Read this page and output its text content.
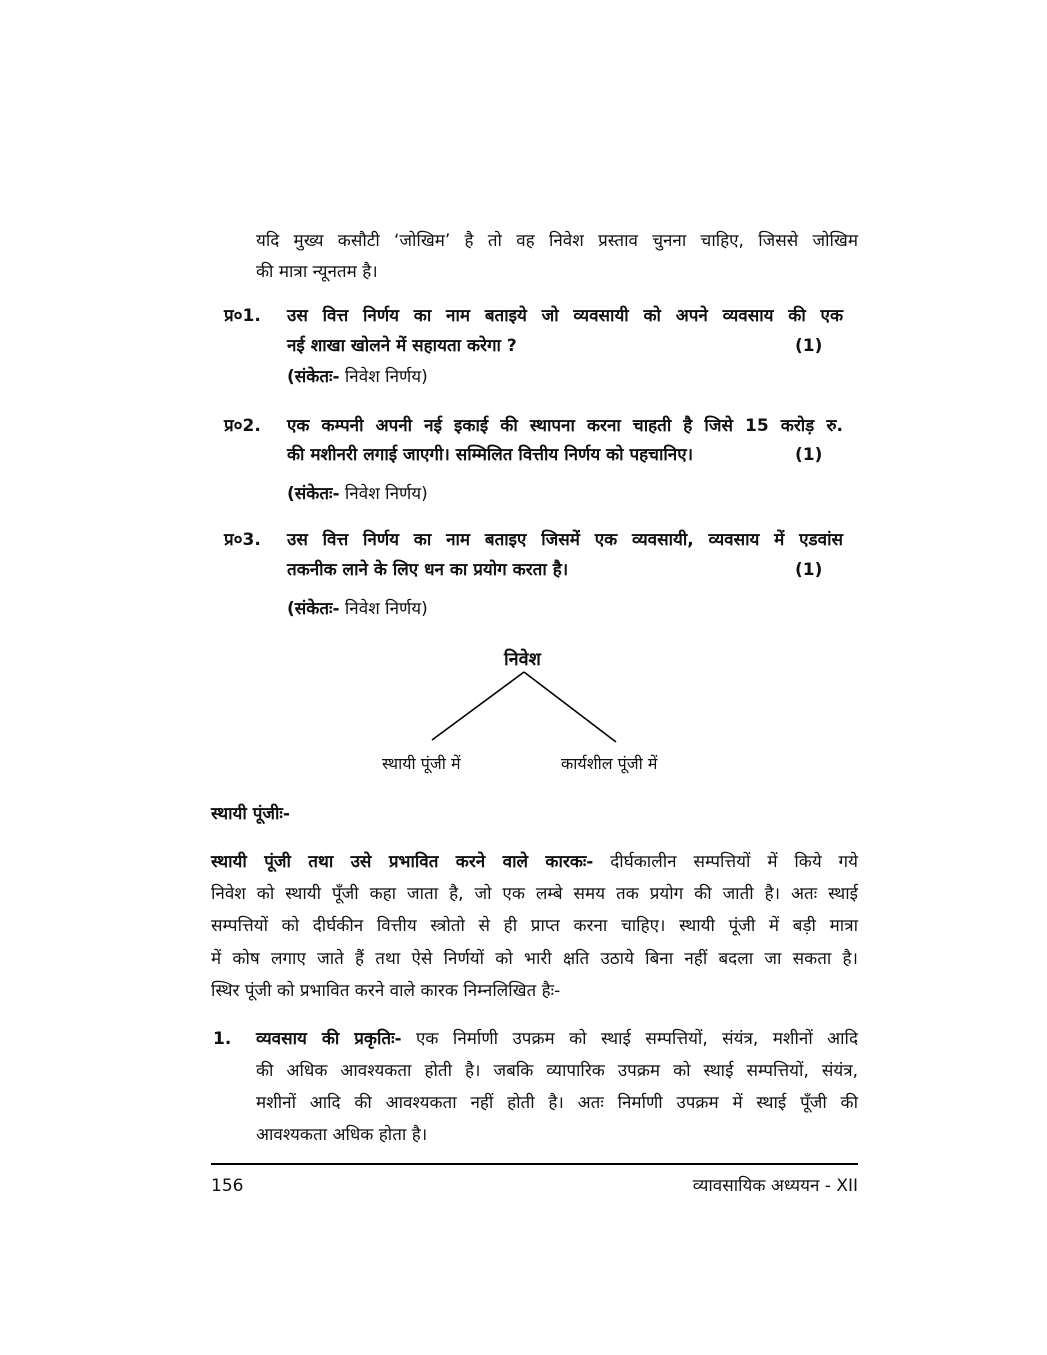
यदि मुख्य कसौटी ‘जोखिम’ है तो वह निवेश प्रस्ताव चुनना चाहिए, जिससे जोखिम
की मात्रा न्यूनतम है।
प्र०1. उस वित्त निर्णय का नाम बताइये जो व्यवसायी को अपने व्यवसाय की एक
नई शाखा खोलने में सहायता करेगा ?	(1)
(संकेतः- निवेश निर्णय)
प्र०2. एक कम्पनी अपनी नई इकाई की स्थापना करना चाहती है जिसे 15 करोड़ रु.
की मशीनरी लगाई जाएगी। सम्मिलित वित्तीय निर्णय को पहचानिए।	(1)
(संकेतः- निवेश निर्णय)
प्र०3. उस वित्त निर्णय का नाम बताइए जिसमें एक व्यवसायी, व्यवसाय में एडवांस
तकनीक लाने के लिए धन का प्रयोग करता है।	(1)
(संकेतः- निवेश निर्णय)
निवेश
स्थायी पूंजी में	कार्यशील पूंजी में
स्थायी पूंजीः-
स्थायी पूंजी तथा उसे प्रभावित करने वाले कारकः- दीर्घकालीन सम्पत्तियों में किये गये
निवेश को स्थायी पूँजी कहा जाता है, जो एक लम्बे समय तक प्रयोग की जाती है। अतः स्थाई
सम्पत्तियों को दीर्घकीन वित्तीय स्त्रोतो से ही प्राप्त करना चाहिए। स्थायी पूंजी में बड़ी मात्रा
में कोष लगाए जाते हैं तथा ऐसे निर्णयों को भारी क्षति उठाये बिना नहीं बदला जा सकता है।
स्थिर पूंजी को प्रभावित करने वाले कारक निम्नलिखित हैः-
1. व्यवसाय की प्रकृतिः- एक निर्माणी उपक्रम को स्थाई सम्पत्तियों, संयंत्र, मशीनों आदि
की अधिक आवश्यकता होती है। जबकि व्यापारिक उपक्रम को स्थाई सम्पत्तियों, संयंत्र,
मशीनों आदि की आवश्यकता नहीं होती है। अतः निर्माणी उपक्रम में स्थाई पूँजी की
आवश्यकता अधिक होता है।
156	व्यावसायिक अध्ययन - XII
